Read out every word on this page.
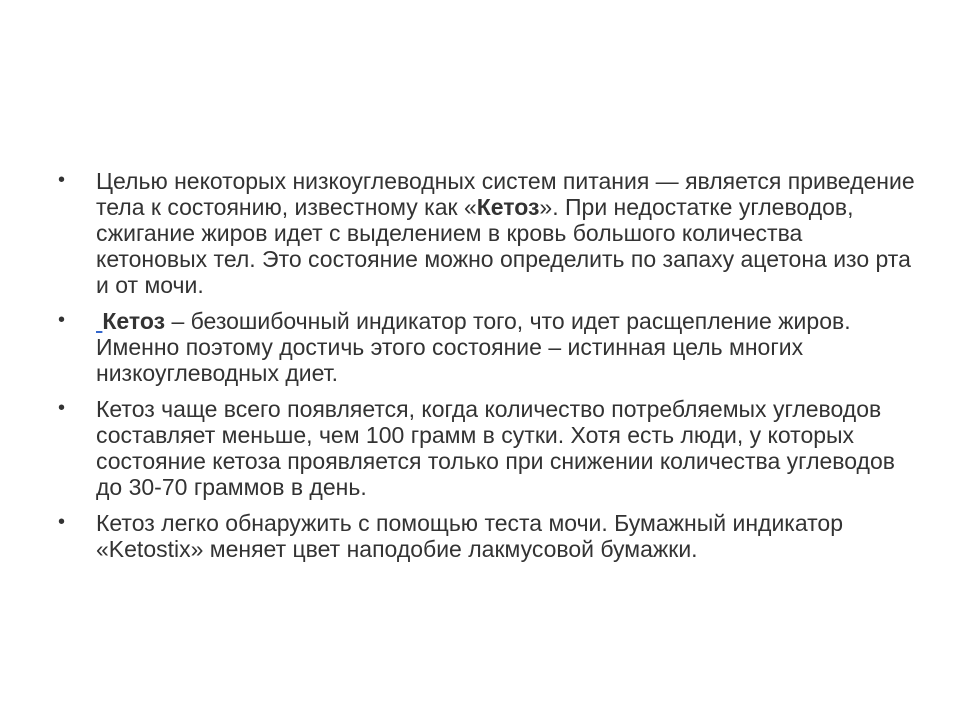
• Целью некоторых низкоуглеводных систем питания — является приведение тела к состоянию, известному как «Кетоз». При недостатке углеводов, сжигание жиров идет с выделением в кровь большого количества кетоновых тел. Это состояние можно определить по запаху ацетона изо рта и от мочи.
• Кетоз – безошибочный индикатор того, что идет расщепление жиров. Именно поэтому достичь этого состояние – истинная цель многих низкоуглеводных диет.
• Кетоз чаще всего появляется, когда количество потребляемых углеводов составляет меньше, чем 100 грамм в сутки. Хотя есть люди, у которых состояние кетоза проявляется только при снижении количества углеводов до 30-70 граммов в день.
• Кетоз легко обнаружить с помощью теста мочи. Бумажный индикатор «Ketostix» меняет цвет наподобие лакмусовой бумажки.
